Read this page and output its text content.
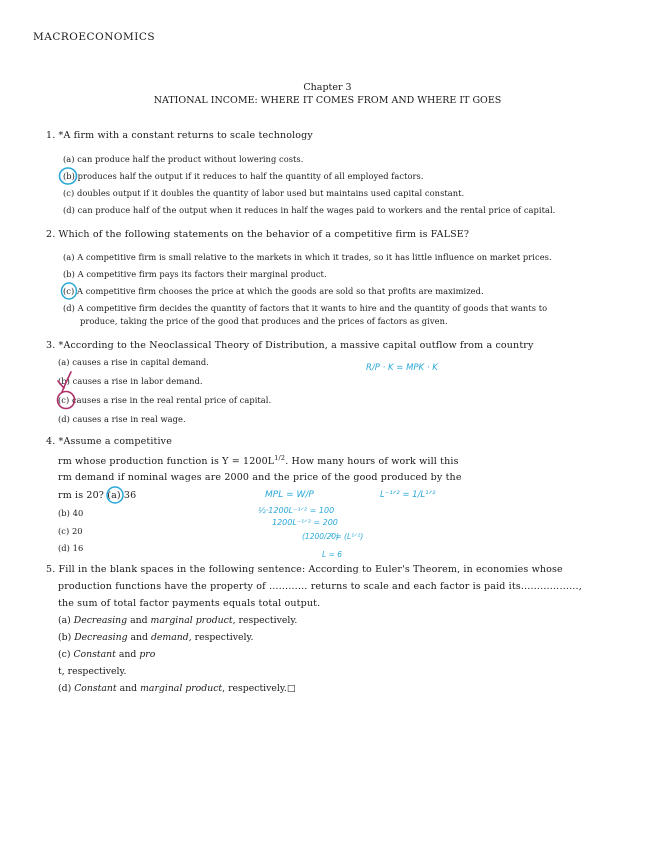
MACROECONOMICS
Chapter 3
NATIONAL INCOME: WHERE IT COMES FROM AND WHERE IT GOES
1. *A firm with a constant returns to scale technology
(a) can produce half the product without lowering costs.
(b) produces half the output if it reduces to half the quantity of all employed factors.
(c) doubles output if it doubles the quantity of labor used but maintains used capital constant.
(d) can produce half of the output when it reduces in half the wages paid to workers and the rental price of capital.
2. Which of the following statements on the behavior of a competitive firm is FALSE?
(a) A competitive firm is small relative to the markets in which it trades, so it has little influence on market prices.
(b) A competitive firm pays its factors their marginal product.
(c) A competitive firm chooses the price at which the goods are sold so that profits are maximized.
(d) A competitive firm decides the quantity of factors that it wants to hire and the quantity of goods that wants to
produce, taking the price of the good that produces and the prices of factors as given.
3. *According to the Neoclassical Theory of Distribution, a massive capital outflow from a country
(a) causes a rise in capital demand.
(b) causes a rise in labor demand.
(c) causes a rise in the real rental price of capital.
(d) causes a rise in real wage.
4. *Assume a competitive
rm whose production function is $Y = 1200L^{1/2}$. How many hours of work will this
rm demand if nominal wages are 2000 and the price of the good produced by the
rm is 20? (a) 36
(b) 40
(c) 20
(d) 16
5. Fill in the blank spaces in the following sentence: According to Euler's Theorem, in economies whose
production functions have the property of ………… returns to scale and each factor is paid its………………,
the sum of total factor payments equals total output.
(a) Decreasing and marginal product, respectively.
(b) Decreasing and demand, respectively.
(c) Constant and pro
t, respectively.
(d) Constant and marginal product, respectively.□
R/P · K = MPK · K
MPL = W/P	L⁻¹ᐟ² = 1/L¹ᐟ²
½·1200L⁻¹ᐟ² = 100
1200L⁻¹ᐟ² = 200
(1200/20)
² = (L¹ᐟ²)
L = 6
